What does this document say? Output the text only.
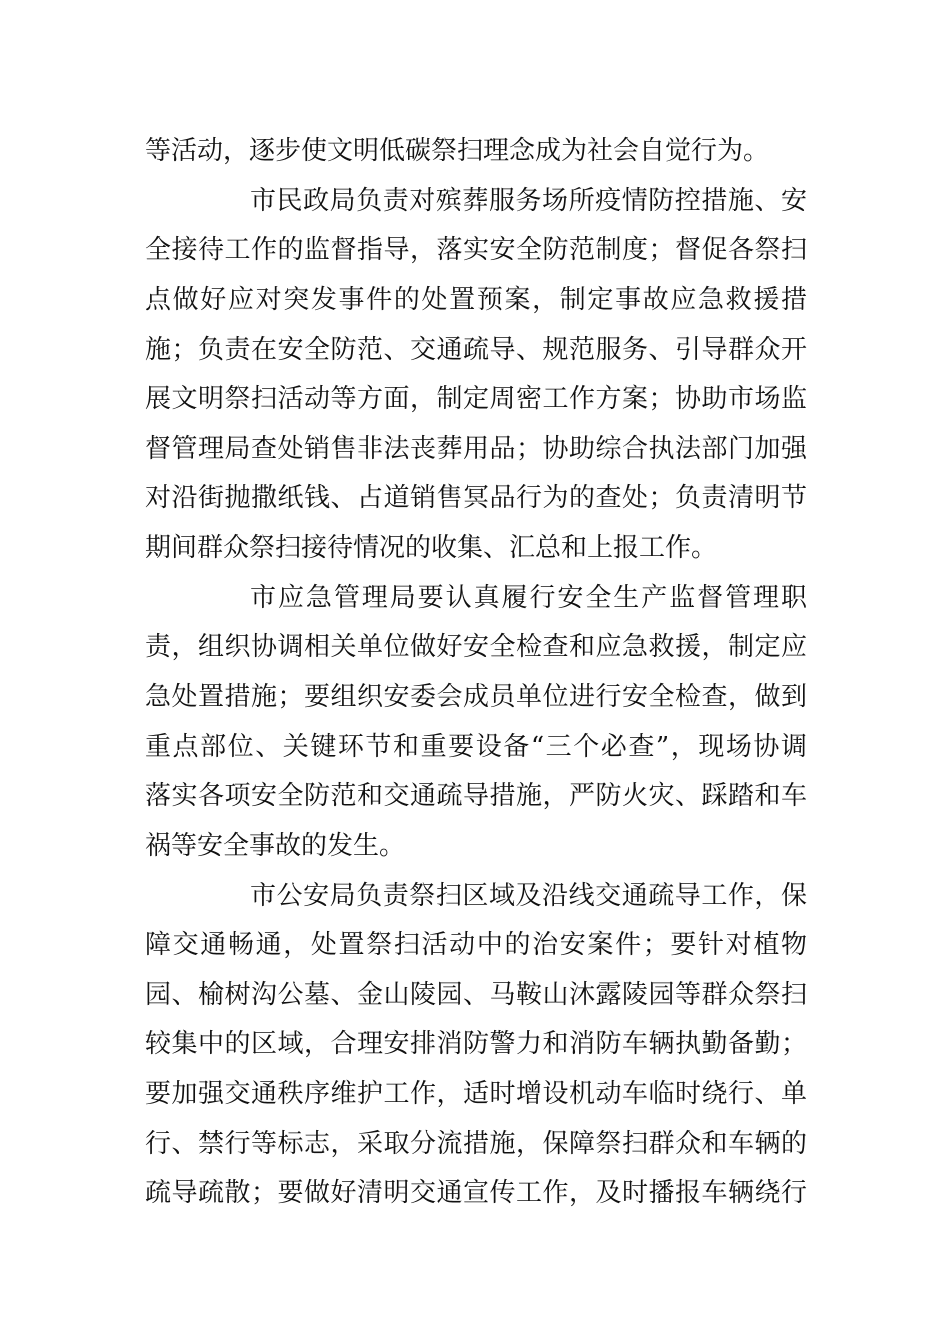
等活动，逐步使文明低碳祭扫理念成为社会自觉行为。
市民政局负责对殡葬服务场所疫情防控措施、安
全接待工作的监督指导，落实安全防范制度；督促各祭扫
点做好应对突发事件的处置预案，制定事故应急救援措
施；负责在安全防范、交通疏导、规范服务、引导群众开
展文明祭扫活动等方面，制定周密工作方案；协助市场监
督管理局查处销售非法丧葬用品；协助综合执法部门加强
对沿街抛撒纸钱、占道销售冥品行为的查处；负责清明节
期间群众祭扫接待情况的收集、汇总和上报工作。
市应急管理局要认真履行安全生产监督管理职
责，组织协调相关单位做好安全检查和应急救援，制定应
急处置措施；要组织安委会成员单位进行安全检查，做到
重点部位、关键环节和重要设备“三个必查”，现场协调
落实各项安全防范和交通疏导措施，严防火灾、踩踏和车
祸等安全事故的发生。
市公安局负责祭扫区域及沿线交通疏导工作，保
障交通畅通，处置祭扫活动中的治安案件；要针对植物
园、榆树沟公墓、金山陵园、马鞍山沐露陵园等群众祭扫
较集中的区域，合理安排消防警力和消防车辆执勤备勤；
要加强交通秩序维护工作，适时增设机动车临时绕行、单
行、禁行等标志，采取分流措施，保障祭扫群众和车辆的
疏导疏散；要做好清明交通宣传工作，及时播报车辆绕行
